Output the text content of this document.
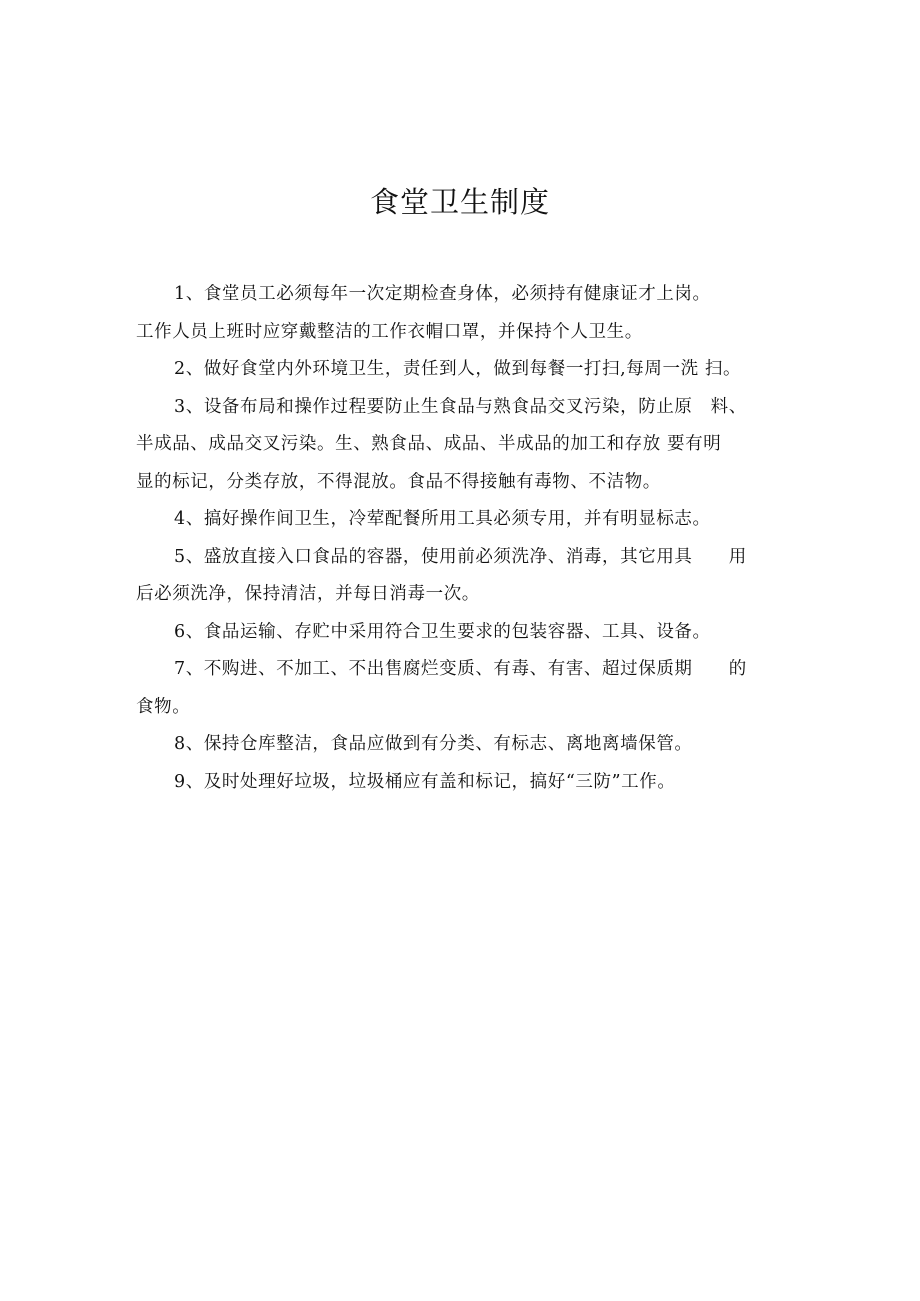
食堂卫生制度
1、食堂员工必须每年一次定期检查身体，必须持有健康证才上岗。
工作人员上班时应穿戴整洁的工作衣帽口罩，并保持个人卫生。
2、做好食堂内外环境卫生，责任到人，做到每餐一打扫,每周一洗 扫。
3、设备布局和操作过程要防止生食品与熟食品交叉污染，防止原　料、
半成品、成品交叉污染。生、熟食品、成品、半成品的加工和存放 要有明
显的标记，分类存放，不得混放。食品不得接触有毒物、不洁物。
4、搞好操作间卫生，冷荤配餐所用工具必须专用，并有明显标志。
5、盛放直接入口食品的容器，使用前必须洗净、消毒，其它用具　　用
后必须洗净，保持清洁，并每日消毒一次。
6、食品运输、存贮中采用符合卫生要求的包装容器、工具、设备。
7、不购进、不加工、不出售腐烂变质、有毒、有害、超过保质期　　的
食物。
8、保持仓库整洁，食品应做到有分类、有标志、离地离墙保管。
9、及时处理好垃圾，垃圾桶应有盖和标记，搞好“三防”工作。
